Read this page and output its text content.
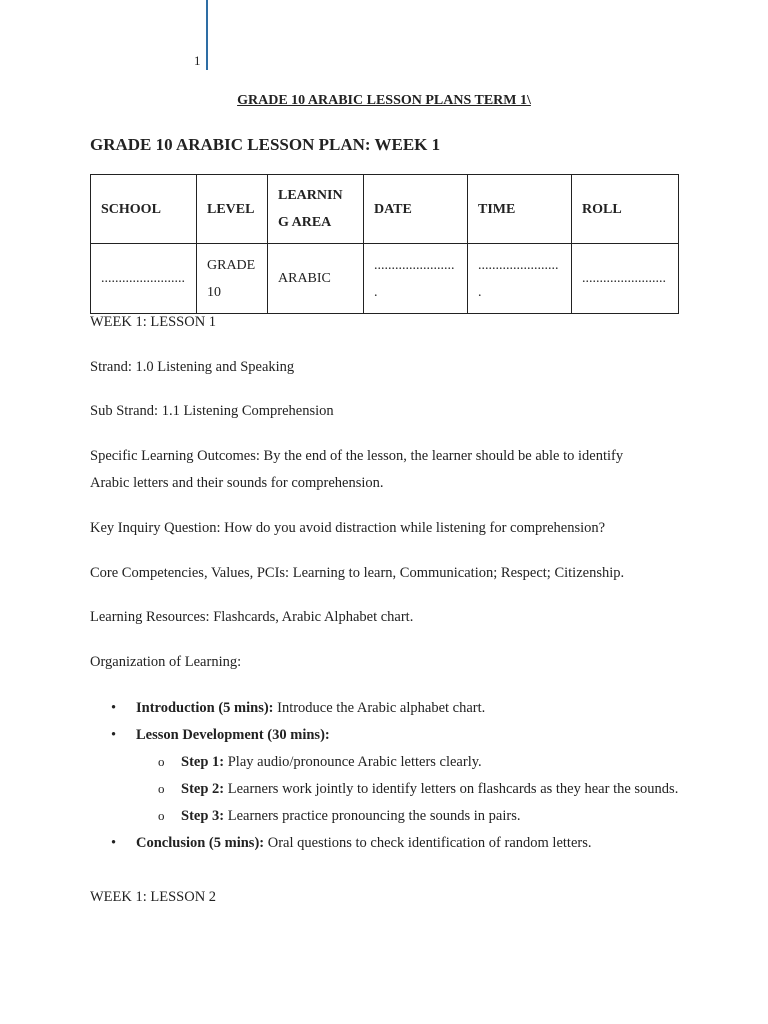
1
GRADE 10 ARABIC LESSON PLANS TERM 1\
GRADE 10 ARABIC LESSON PLAN: WEEK 1
SCHOOL	LEVEL	LEARNING AREA	DATE	TIME	ROLL
........................	GRADE 10	ARABIC	........................	........................	........................

WEEK 1: LESSON 1

Strand: 1.0 Listening and Speaking

Sub Strand: 1.1 Listening Comprehension

Specific Learning Outcomes: By the end of the lesson, the learner should be able to identify Arabic letters and their sounds for comprehension.

Key Inquiry Question: How do you avoid distraction while listening for comprehension?

Core Competencies, Values, PCIs: Learning to learn, Communication; Respect; Citizenship.

Learning Resources: Flashcards, Arabic Alphabet chart.

Organization of Learning:

• Introduction (5 mins): Introduce the Arabic alphabet chart.
• Lesson Development (30 mins):
o Step 1: Play audio/pronounce Arabic letters clearly.
o Step 2: Learners work jointly to identify letters on flashcards as they hear the sounds.
o Step 3: Learners practice pronouncing the sounds in pairs.
• Conclusion (5 mins): Oral questions to check identification of random letters.

WEEK 1: LESSON 2
